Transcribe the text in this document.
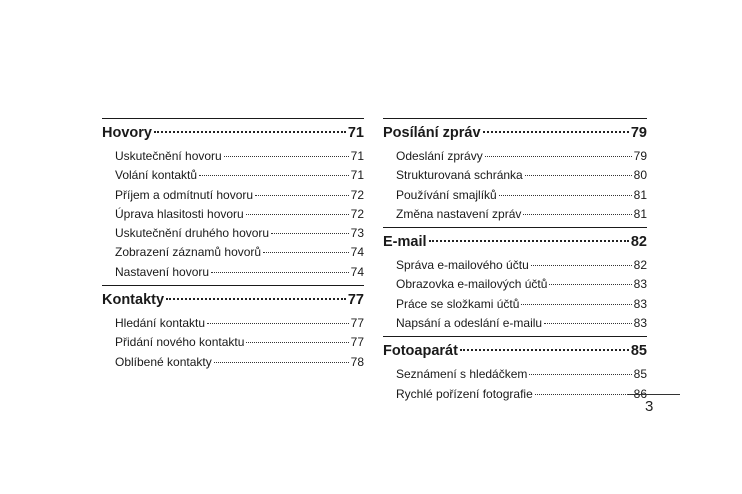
Hovory	71
Uskutečnění hovoru	71
Volání kontaktů	71
Příjem a odmítnutí hovoru	72
Úprava hlasitosti hovoru	72
Uskutečnění druhého hovoru	73
Zobrazení záznamů hovorů	74
Nastavení hovoru	74
Kontakty	77
Hledání kontaktu	77
Přidání nového kontaktu	77
Oblíbené kontakty	78
Posílání zpráv	79
Odeslání zprávy	79
Strukturovaná schránka	80
Používání smajlíků	81
Změna nastavení zpráv	81
E-mail	82
Správa e-mailového účtu	82
Obrazovka e-mailových účtů	83
Práce se složkami účtů	83
Napsání a odeslání e-mailu	83
Fotoaparát	85
Seznámení s hledáčkem	85
Rychlé pořízení fotografie	86
3
